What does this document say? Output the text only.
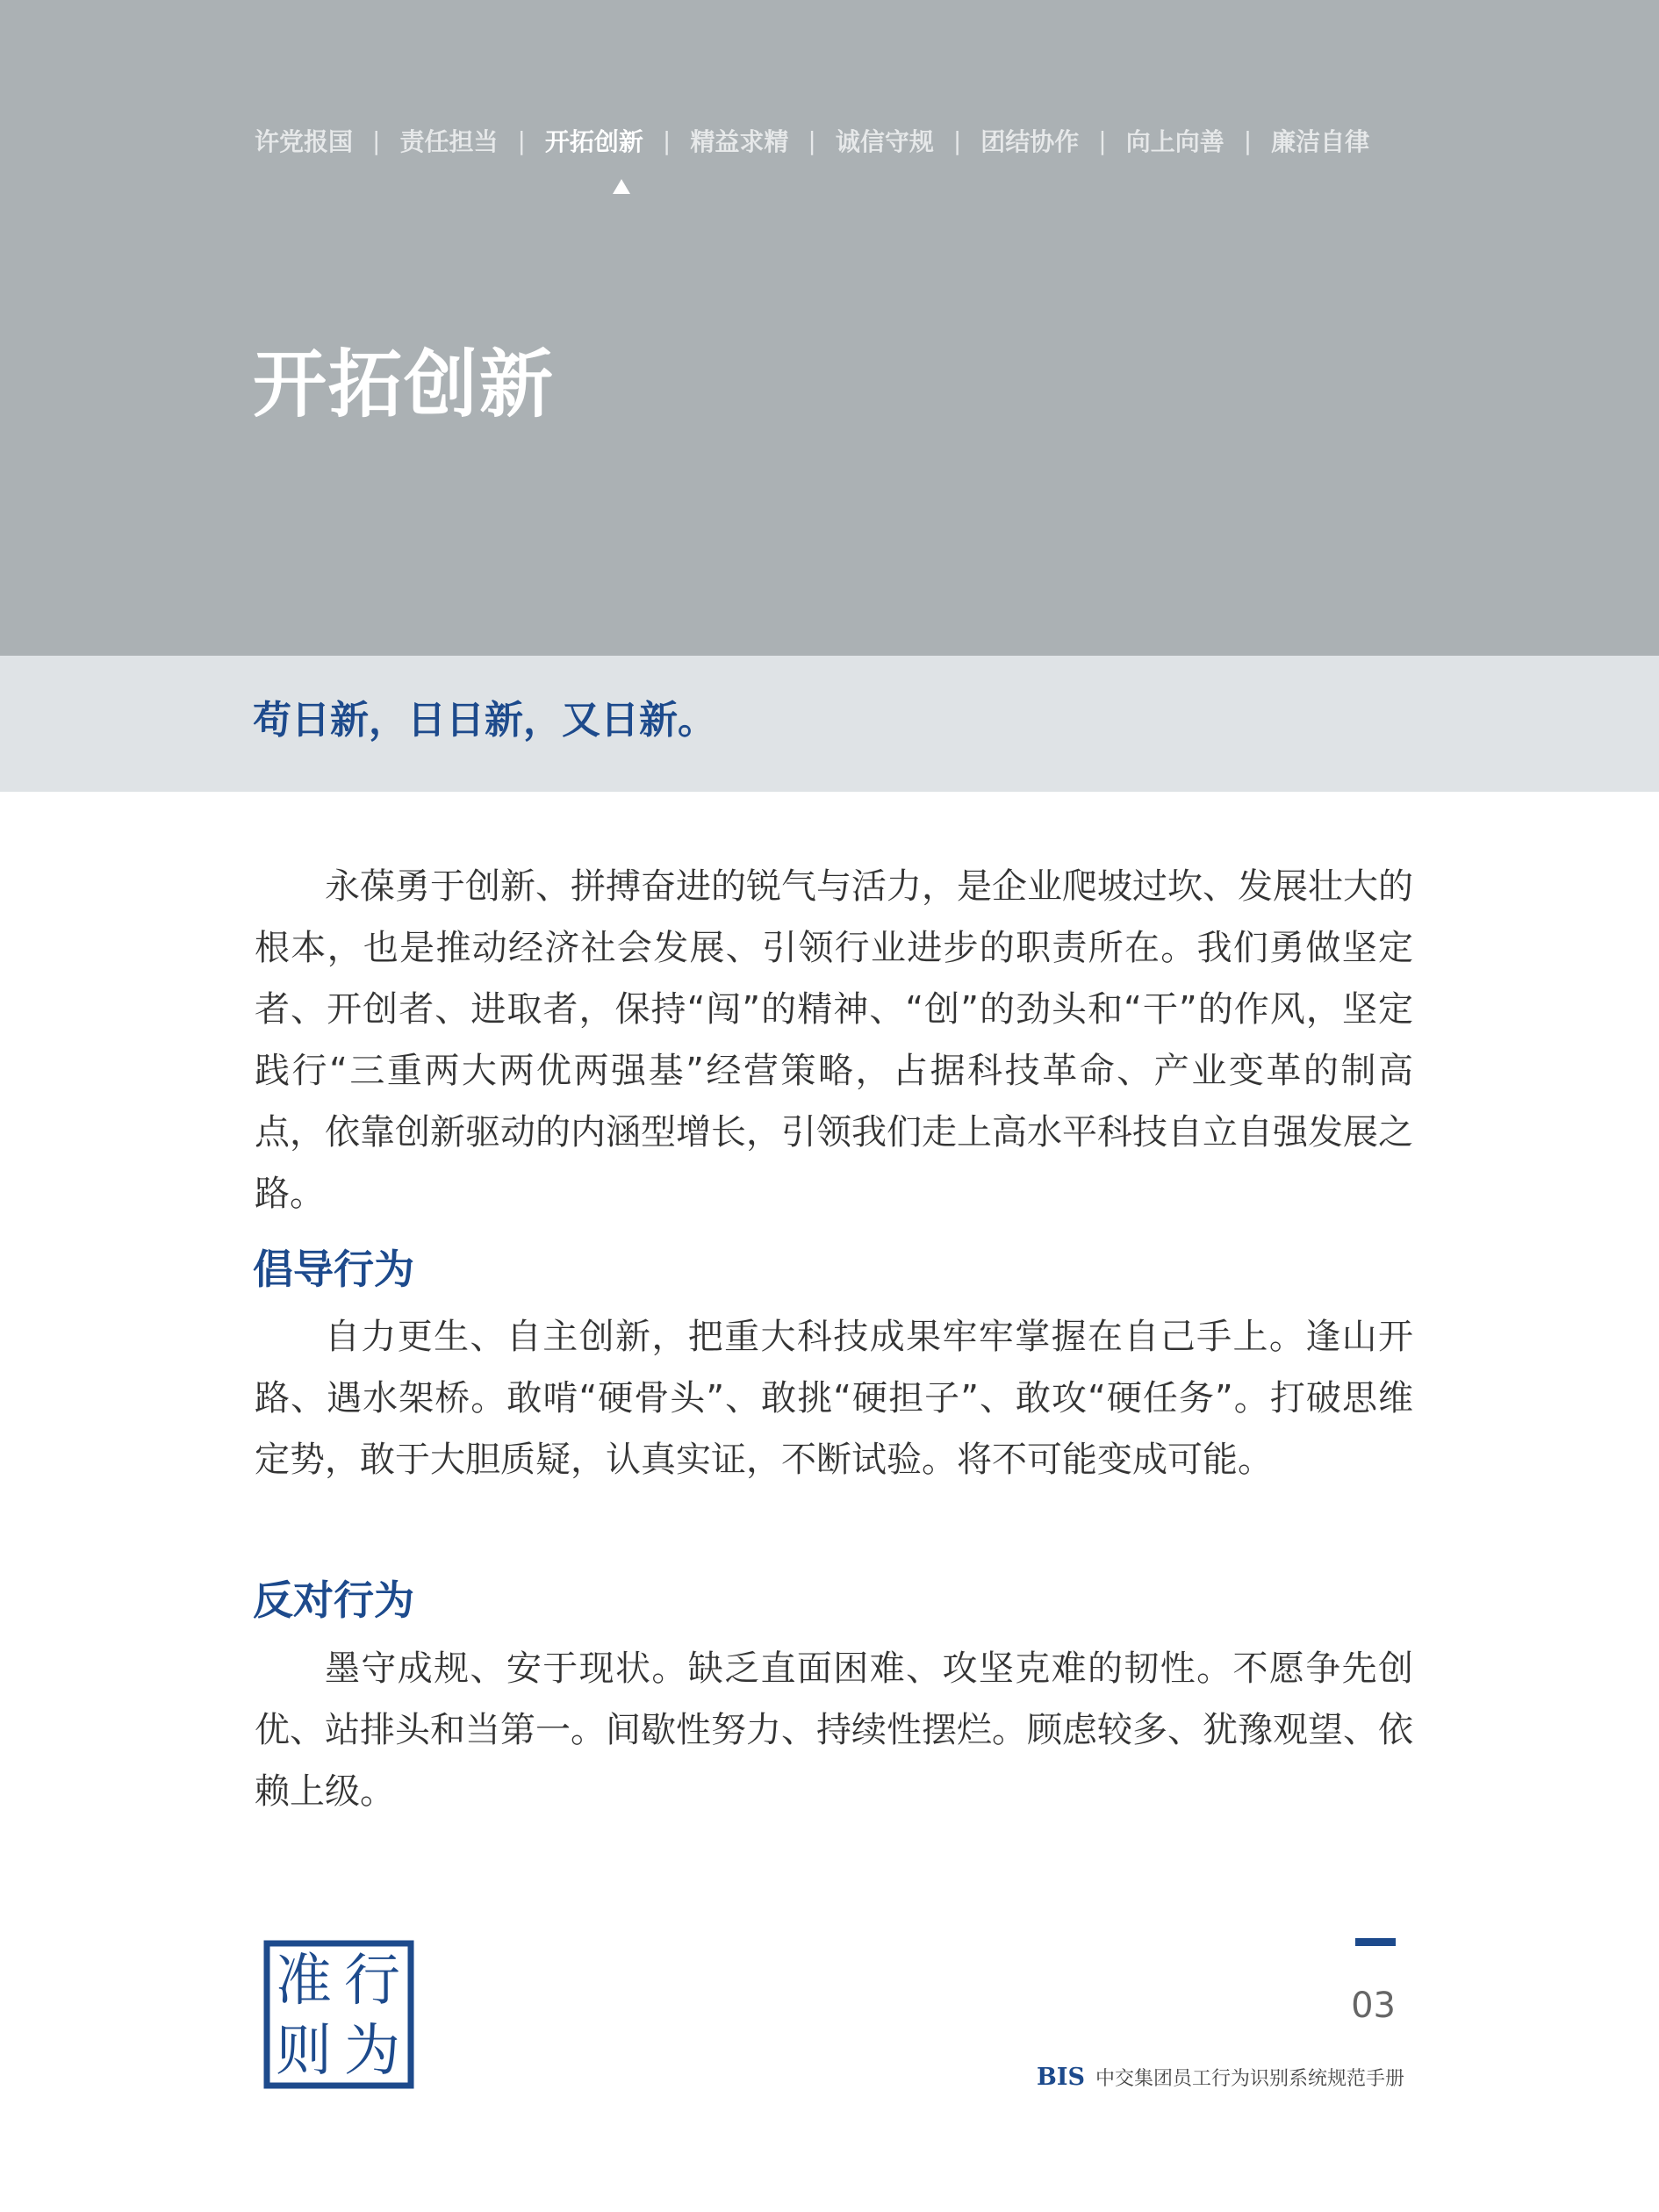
许党报国 | 责任担当 | 开拓创新 | 精益求精 | 诚信守规 | 团结协作 | 向上向善 | 廉洁自律
开拓创新
苟日新，日日新，又日新。

永葆勇于创新、拼搏奋进的锐气与活力，是企业爬坡过坎、发展壮大的根本，也是推动经济社会发展、引领行业进步的职责所在。我们勇做坚定者、开创者、进取者，保持“闯”的精神、“创”的劲头和“干”的作风，坚定践行“三重两大两优两强基”经营策略，占据科技革命、产业变革的制高点，依靠创新驱动的内涵型增长，引领我们走上高水平科技自立自强发展之路。

倡导行为

自力更生、自主创新，把重大科技成果牢牢掌握在自己手上。逢山开路、遇水架桥。敢啃“硬骨头”、敢挑“硬担子”、敢攻“硬任务”。打破思维定势，敢于大胆质疑，认真实证，不断试验。将不可能变成可能。

反对行为

墨守成规、安于现状。缺乏直面困难、攻坚克难的韧性。不愿争先创优、站排头和当第一。间歇性努力、持续性摆烂。顾虑较多、犹豫观望、依赖上级。

准 行
则 为
03
BIS 中交集团员工行为识别系统规范手册
